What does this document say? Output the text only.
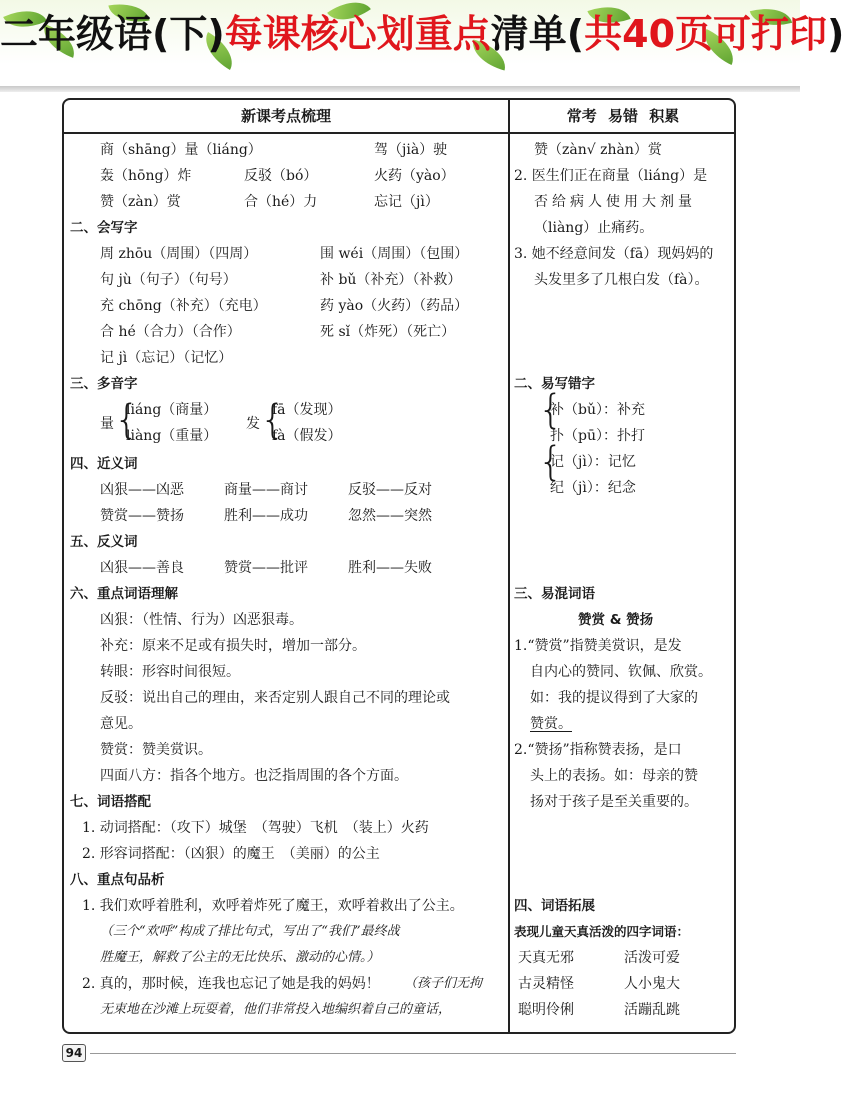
二年级语(下)每课核心划重点清单(共40页可打印)
新课考点梳理	常考 易错 积累
商（shāng）量（liáng）	驾（jià）驶
轰（hōng）炸	反驳（bó）	火药（yào）
赞（zàn）赏	合（hé）力	忘记（jì）
二、会写字
周 zhōu（周围）（四周）	围 wéi（周围）（包围）
句 jù（句子）（句号）	补 bǔ（补充）（补救）
充 chōng（补充）（充电）	药 yào（火药）（药品）
合 hé（合力）（合作）	死 sǐ（炸死）（死亡）
记 jì（忘记）（记忆）
三、多音字
量 {
liáng（商量）
liàng（重量）
发 {
fā（发现）
fà（假发）
四、近义词
凶狠——凶恶	商量——商讨	反驳——反对
赞赏——赞扬	胜利——成功	忽然——突然
五、反义词
凶狠——善良	赞赏——批评	胜利——失败
六、重点词语理解
凶狠：（性情、行为）凶恶狠毒。
补充：原来不足或有损失时，增加一部分。
转眼：形容时间很短。
反驳：说出自己的理由，来否定别人跟自己不同的理论或
意见。
赞赏：赞美赏识。
四面八方：指各个地方。也泛指周围的各个方面。
七、词语搭配
1. 动词搭配：（攻下）城堡　（驾驶）飞机　（装上）火药
2. 形容词搭配：（凶狠）的魔王　（美丽）的公主
八、重点句品析
1. 我们欢呼着胜利，欢呼着炸死了魔王，欢呼着救出了公主。
（三个“欢呼”构成了排比句式，写出了“我们”最终战
胜魔王，解救了公主的无比快乐、激动的心情。）
2. 真的，那时候，连我也忘记了她是我的妈妈！ （孩子们无拘
无束地在沙滩上玩耍着，他们非常投入地编织着自己的童话，
赞（zàn√ zhàn）赏
2. 医生们正在商量（liáng）是
否给病人使用大剂量
（liàng）止痛药。
3. 她不经意间发（fā）现妈妈的
头发里多了几根白发（fà）。
二、易写错字
{
补（bǔ）：补充
扑（pū）：扑打
{
记（jì）：记忆
纪（jì）：纪念
三、易混词语
赞赏 & 赞扬
1.“赞赏”指赞美赏识，是发
自内心的赞同、钦佩、欣赏。
如：我的提议得到了大家的
赞赏。
2.“赞扬”指称赞表扬，是口
头上的表扬。如：母亲的赞
扬对于孩子是至关重要的。
四、词语拓展
表现儿童天真活泼的四字词语：
天真无邪	活泼可爱
古灵精怪	人小鬼大
聪明伶俐	活蹦乱跳
94
